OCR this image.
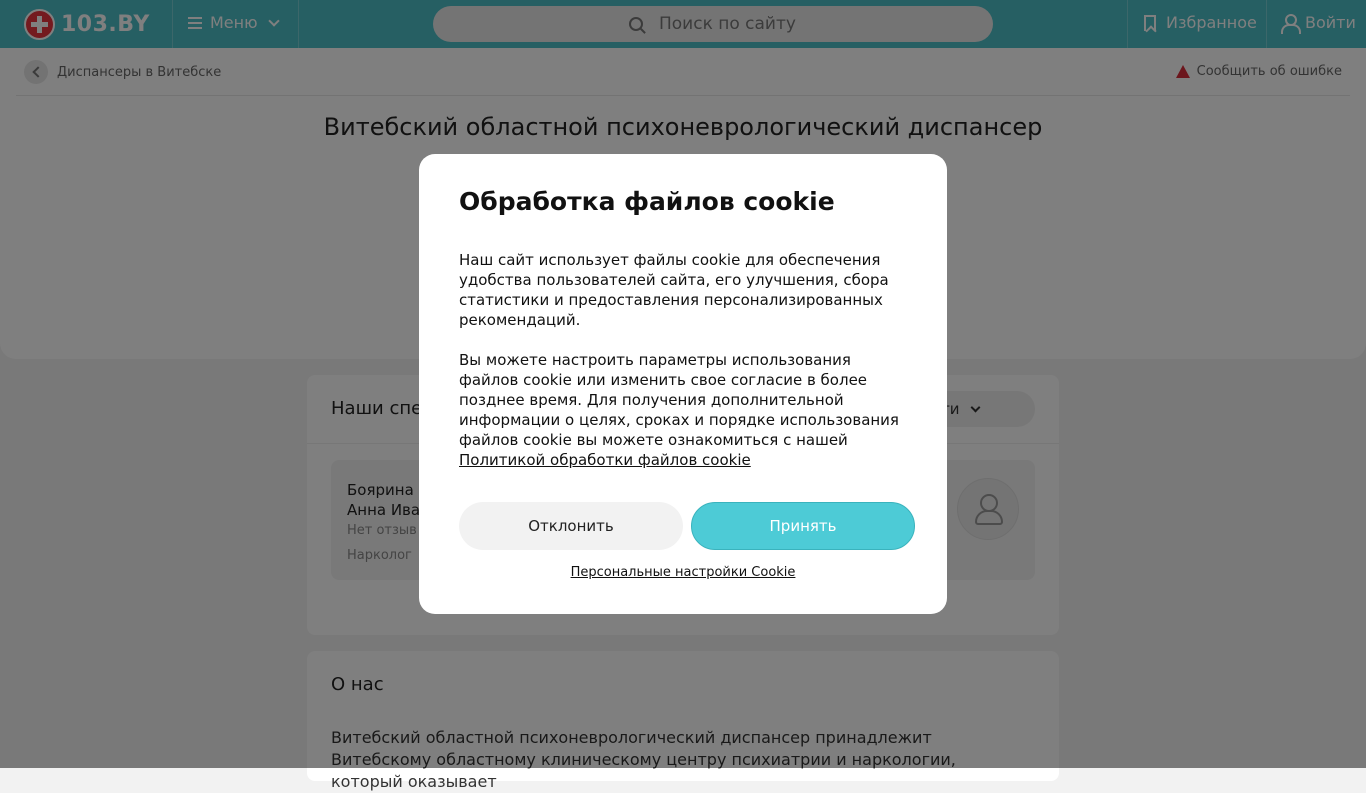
Поиск по сайту

который оказывает

Обработка файлов cookie

Наш сайт использует файлы cookie для обеспечения удобства пользователей сайта, его улучшения, сбора статистики и предоставления персонализированных рекомендаций.

Вы можете настроить параметры использования файлов cookie или изменить свое согласие в более позднее время. Для получения дополнительной информации о целях, сроках и порядке использования файлов cookie вы можете ознакомиться с нашей
Политикой обработки файлов cookie

Отклонить	Принять
Персональные настройки Cookie
